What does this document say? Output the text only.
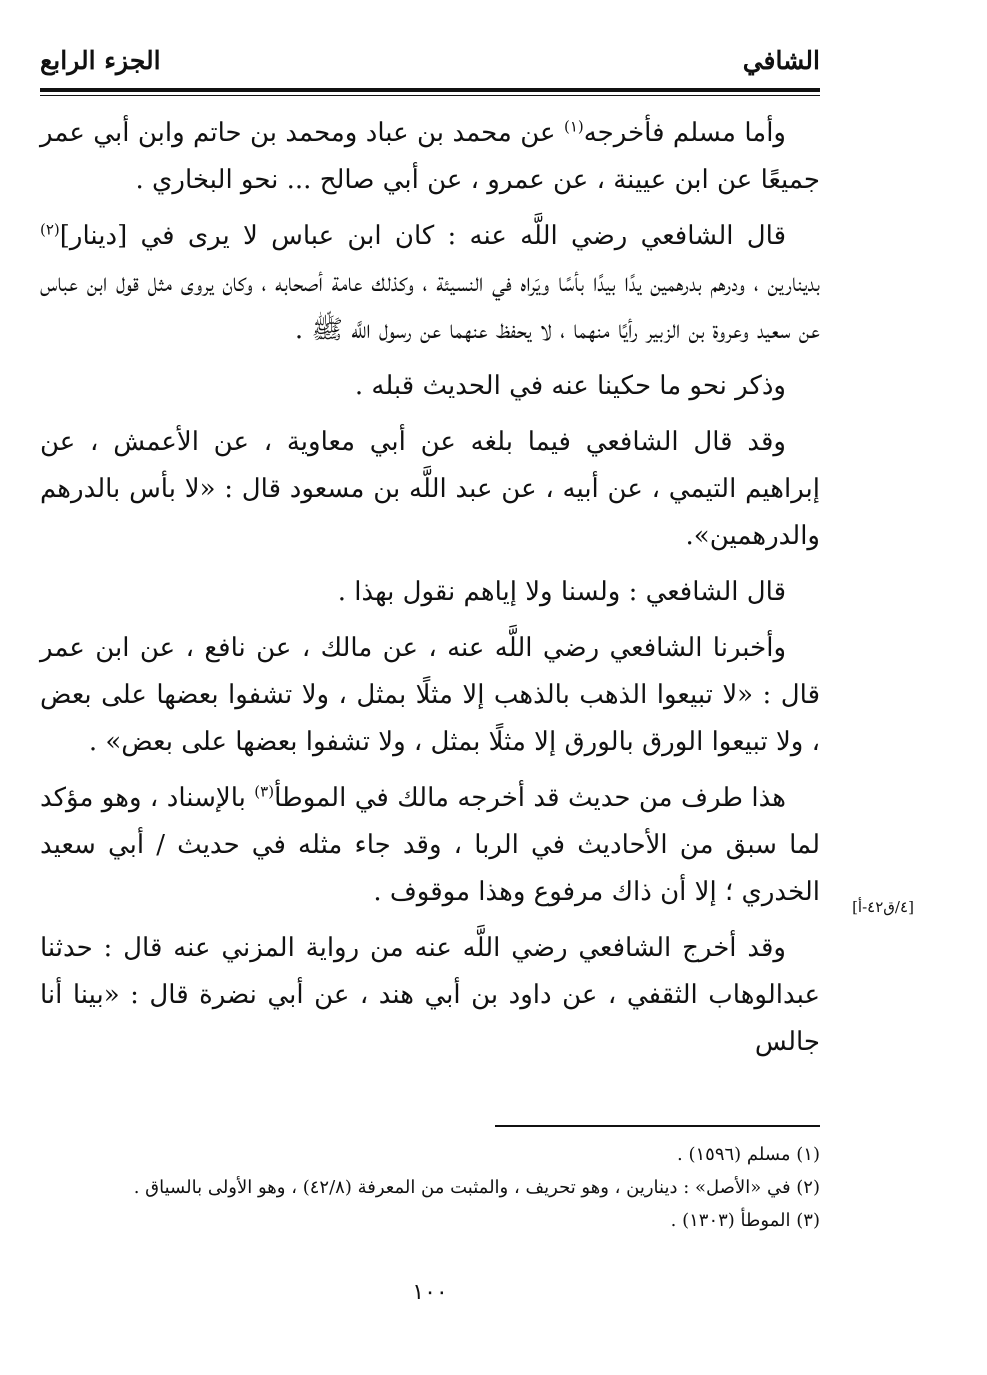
الشافي
الجزء الرابع

وأما مسلم فأخرجه$^{(١)}$ عن محمد بن عباد ومحمد بن حاتم وابن أبي عمر جميعًا عن ابن عيينة ، عن عمرو ، عن أبي صالح ... نحو البخاري .

قال الشافعي رضي اللَّه عنه : كان ابن عباس لا يرى في [دينار]$^{(٢)}$ بدينارين ، ودرهم بدرهمين يدًا بيدًا بأسًا ويَراه في النسيئة ، وكذلك عامة أصحابه ، وكان يروى مثل قول ابن عباس عن سعيد وعروة بن الزبير رأيًا منهما ، لا يحفظ عنهما عن رسول اللَّه ﷺ .

وذكر نحو ما حكينا عنه في الحديث قبله .

وقد قال الشافعي فيما بلغه عن أبي معاوية ، عن الأعمش ، عن إبراهيم التيمي ، عن أبيه ، عن عبد اللَّه بن مسعود قال : «لا بأس بالدرهم والدرهمين».

قال الشافعي : ولسنا ولا إياهم نقول بهذا .

وأخبرنا الشافعي رضي اللَّه عنه ، عن مالك ، عن نافع ، عن ابن عمر قال : «لا تبيعوا الذهب بالذهب إلا مثلًا بمثل ، ولا تشفوا بعضها على بعض ، ولا تبيعوا الورق بالورق إلا مثلًا بمثل ، ولا تشفوا بعضها على بعض» .

هذا طرف من حديث قد أخرجه مالك في الموطأ$^{(٣)}$ بالإسناد ، وهو مؤكد لما سبق من الأحاديث في الربا ، وقد جاء مثله في حديث / أبي سعيد الخدري ؛ إلا أن ذاك مرفوع وهذا موقوف .

وقد أخرج الشافعي رضي اللَّه عنه من رواية المزني عنه قال : حدثنا عبدالوهاب الثقفي ، عن داود بن أبي هند ، عن أبي نضرة قال : «بينا أنا جالس

[٤/ق٤٢-أ]
(١) مسلم (١٥٩٦) .
(٢) في «الأصل» : دينارين ، وهو تحريف ، والمثبت من المعرفة (٤٢/٨) ، وهو الأولى بالسياق .
(٣) الموطأ (١٣٠٣) .
١٠٠
